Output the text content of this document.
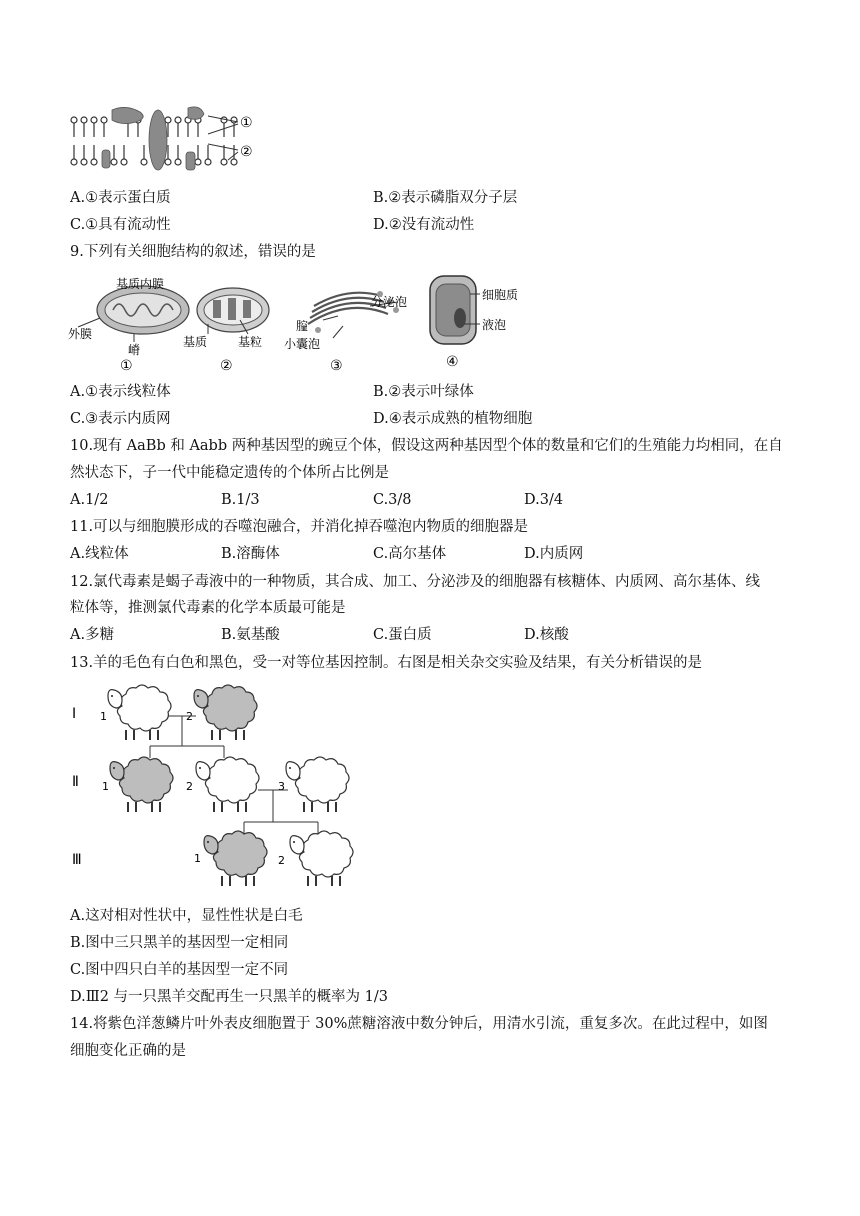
①
②
A.①表示蛋白质	B.②表示磷脂双分子层
C.①具有流动性	D.②没有流动性
9.下列有关细胞结构的叙述，错误的是
基质内膜
外膜
嵴
①
基质	基粒
②
分泌泡
腔
小囊泡
③
细胞质
液泡
④
A.①表示线粒体	B.②表示叶绿体
C.③表示内质网	D.④表示成熟的植物细胞
10.现有 AaBb 和 Aabb 两种基因型的豌豆个体，假设这两种基因型个体的数量和它们的生殖能力均相同，在自
然状态下，子一代中能稳定遗传的个体所占比例是
A.1/2	B.1/3	C.3/8	D.3/4
11.可以与细胞膜形成的吞噬泡融合，并消化掉吞噬泡内物质的细胞器是
A.线粒体	B.溶酶体	C.高尔基体	D.内质网
12.氯代毒素是蝎子毒液中的一种物质，其合成、加工、分泌涉及的细胞器有核糖体、内质网、高尔基体、线
粒体等，推测氯代毒素的化学本质最可能是
A.多糖	B.氨基酸	C.蛋白质	D.核酸
13.羊的毛色有白色和黑色，受一对等位基因控制。右图是相关杂交实验及结果，有关分析错误的是
Ⅰ
Ⅱ
Ⅲ
1	2
1	2	3
1	2
A.这对相对性状中，显性性状是白毛
B.图中三只黑羊的基因型一定相同
C.图中四只白羊的基因型一定不同
D.Ⅲ2 与一只黑羊交配再生一只黑羊的概率为 1/3
14.将紫色洋葱鳞片叶外表皮细胞置于 30%蔗糖溶液中数分钟后，用清水引流，重复多次。在此过程中，如图
细胞变化正确的是
